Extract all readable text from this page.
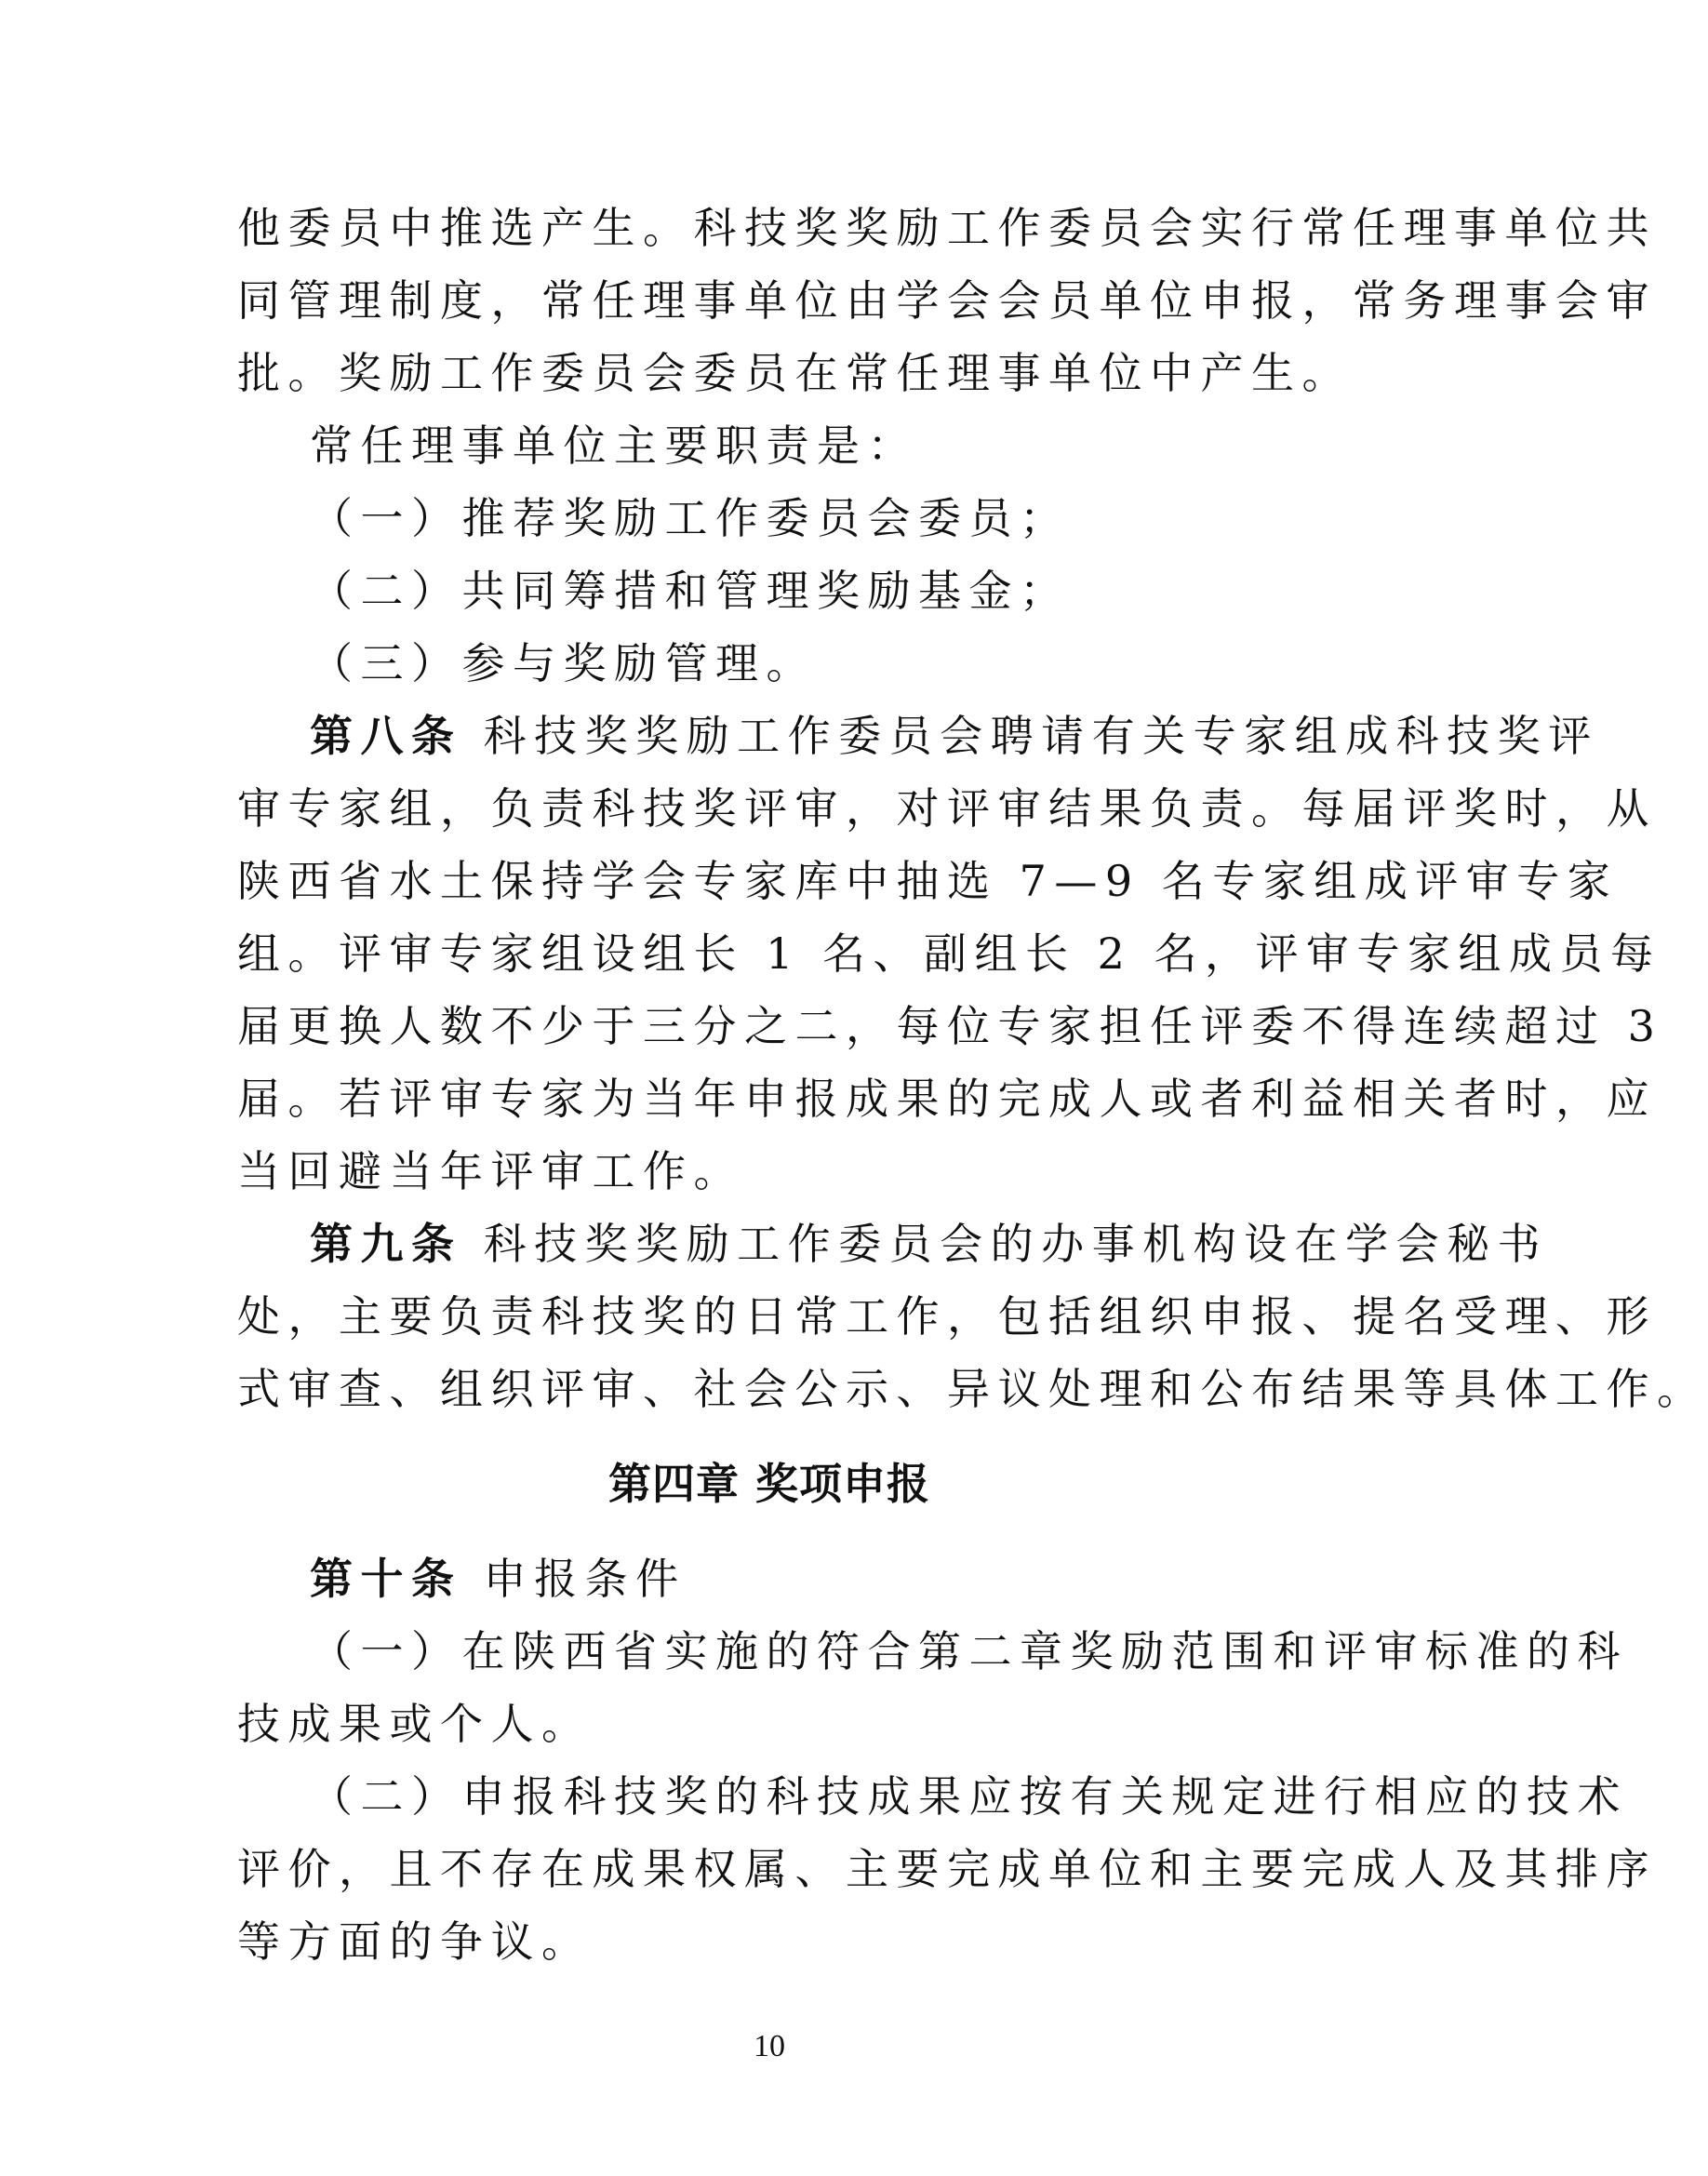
他委员中推选产生。科技奖奖励工作委员会实行常任理事单位共
同管理制度，常任理事单位由学会会员单位申报，常务理事会审
批。奖励工作委员会委员在常任理事单位中产生。
常任理事单位主要职责是：
（一）推荐奖励工作委员会委员；
（二）共同筹措和管理奖励基金；
（三）参与奖励管理。
第八条 科技奖奖励工作委员会聘请有关专家组成科技奖评
审专家组，负责科技奖评审，对评审结果负责。每届评奖时，从
陕西省水土保持学会专家库中抽选 7—9 名专家组成评审专家
组。评审专家组设组长 1 名、副组长 2 名，评审专家组成员每
届更换人数不少于三分之二，每位专家担任评委不得连续超过 3
届。若评审专家为当年申报成果的完成人或者利益相关者时，应
当回避当年评审工作。
第九条 科技奖奖励工作委员会的办事机构设在学会秘书
处，主要负责科技奖的日常工作，包括组织申报、提名受理、形
式审查、组织评审、社会公示、异议处理和公布结果等具体工作。
第四章 奖项申报
第十条 申报条件
（一）在陕西省实施的符合第二章奖励范围和评审标准的科
技成果或个人。
（二）申报科技奖的科技成果应按有关规定进行相应的技术
评价，且不存在成果权属、主要完成单位和主要完成人及其排序
等方面的争议。
10
